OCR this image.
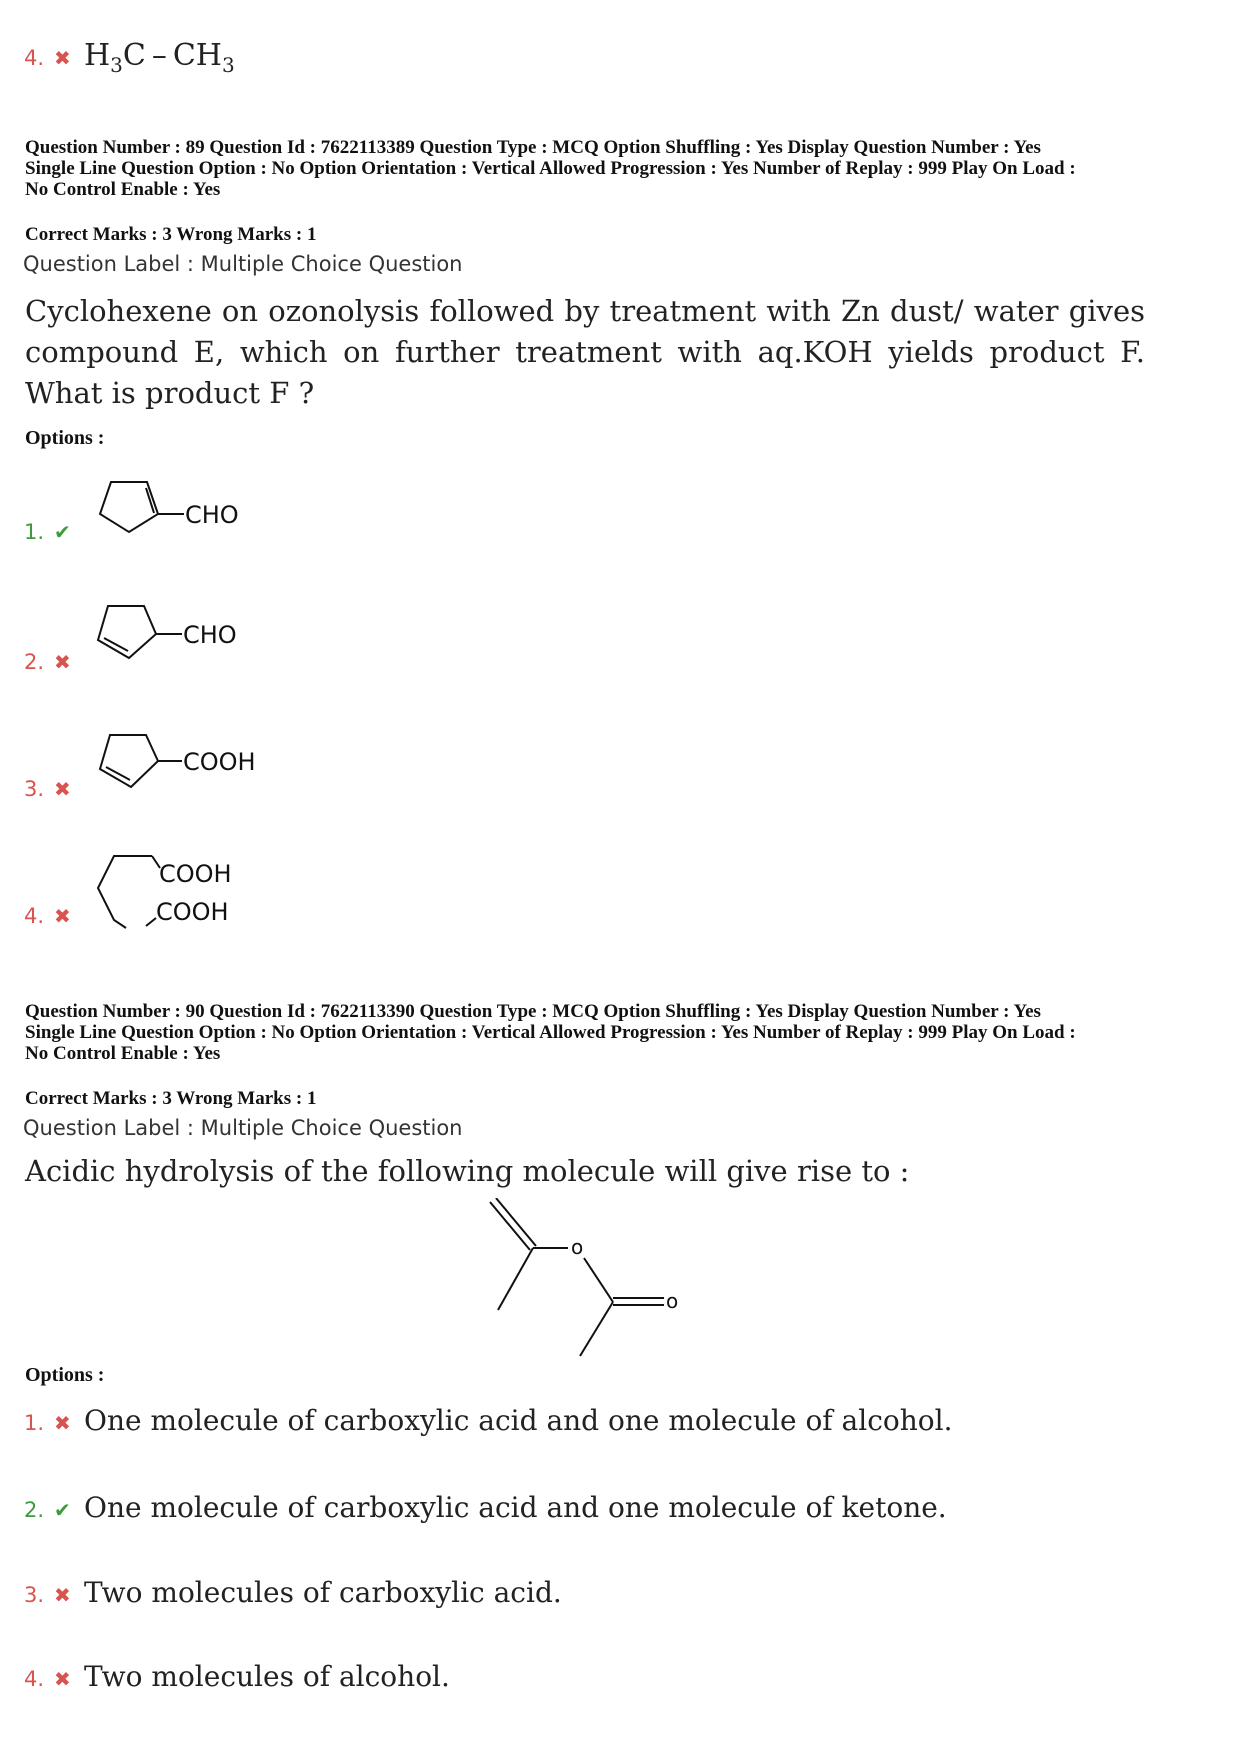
4. ✖ $H_3C - CH_3$
Question Number : 89 Question Id : 7622113389 Question Type : MCQ Option Shuffling : Yes Display Question Number : Yes
Single Line Question Option : No Option Orientation : Vertical Allowed Progression : Yes Number of Replay : 999 Play On Load :
No Control Enable : Yes
Correct Marks : 3 Wrong Marks : 1
Question Label : Multiple Choice Question
Cyclohexene on ozonolysis followed by treatment with Zn dust/ water gives compound E, which on further treatment with aq.KOH yields product F. What is product F ?
Options :
1. ✔
CHO
2. ✖
CHO
3. ✖
COOH
4. ✖
COOH
COOH
Question Number : 90 Question Id : 7622113390 Question Type : MCQ Option Shuffling : Yes Display Question Number : Yes
Single Line Question Option : No Option Orientation : Vertical Allowed Progression : Yes Number of Replay : 999 Play On Load :
No Control Enable : Yes
Correct Marks : 3 Wrong Marks : 1
Question Label : Multiple Choice Question
Acidic hydrolysis of the following molecule will give rise to :
o
o
Options :
1. ✖ One molecule of carboxylic acid and one molecule of alcohol.
2. ✔ One molecule of carboxylic acid and one molecule of ketone.
3. ✖ Two molecules of carboxylic acid.
4. ✖ Two molecules of alcohol.
